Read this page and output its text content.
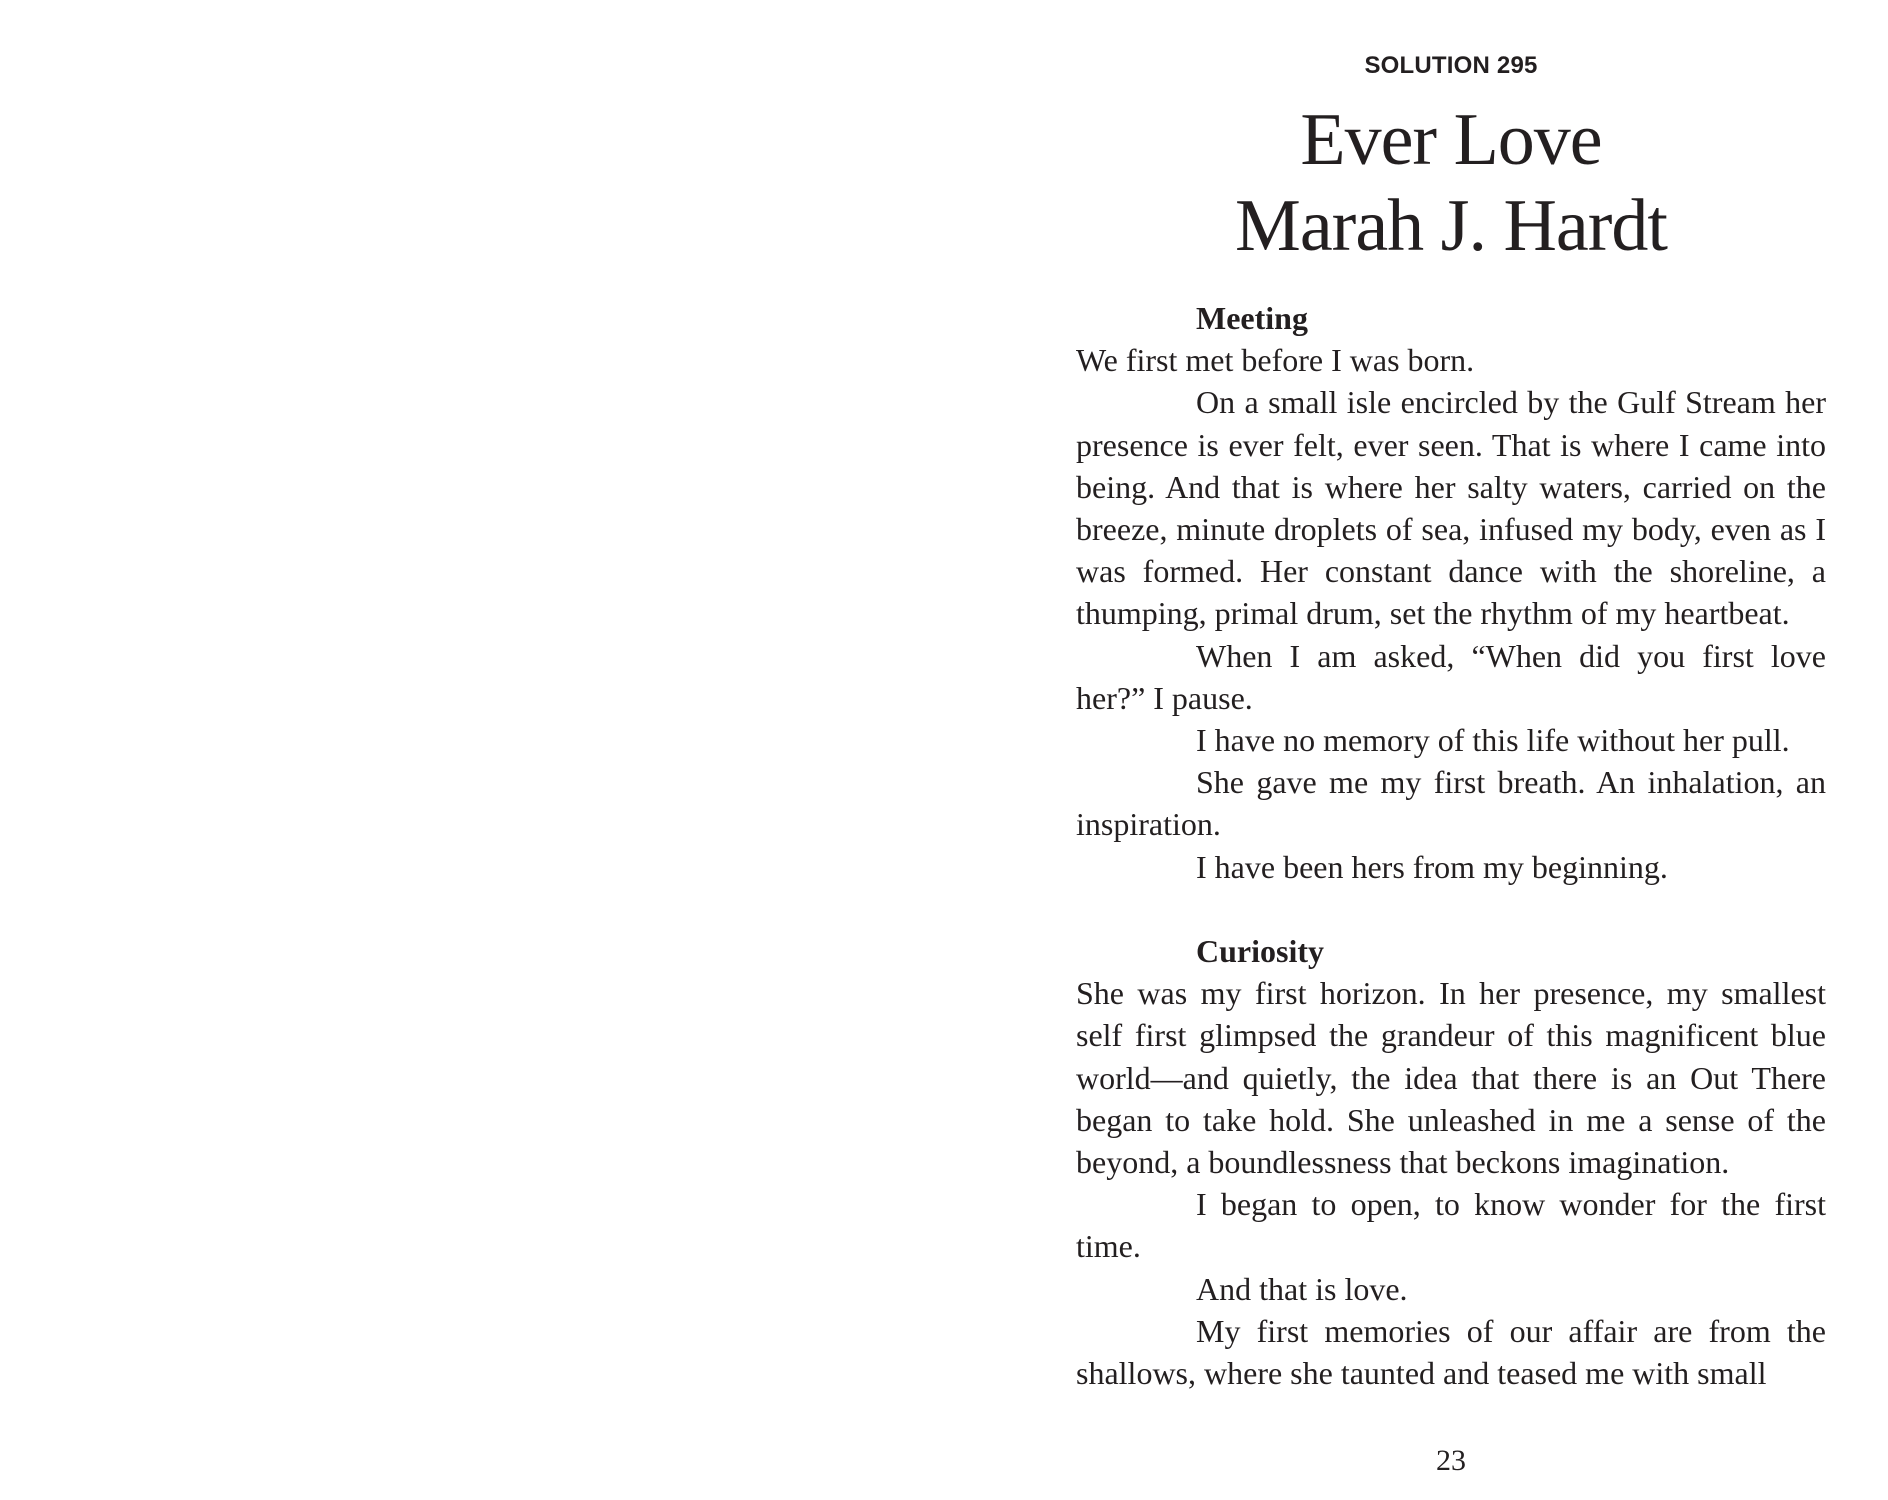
SOLUTION 295
Ever Love
Marah J. Hardt
Meeting
We first met before I was born.
On a small isle encircled by the Gulf Stream her presence is ever felt, ever seen. That is where I came into being. And that is where her salty waters, carried on the breeze, minute droplets of sea, infused my body, even as I was formed. Her constant dance with the shoreline, a thumping, primal drum, set the rhythm of my heartbeat.
When I am asked, “When did you first love her?” I pause.
I have no memory of this life without her pull.
She gave me my first breath. An inhalation, an inspiration.
I have been hers from my beginning.
Curiosity
She was my first horizon. In her presence, my smallest self first glimpsed the grandeur of this magnificent blue world—and quietly, the idea that there is an Out There began to take hold. She unleashed in me a sense of the beyond, a boundlessness that beckons imagination.
I began to open, to know wonder for the first time.
And that is love.
My first memories of our affair are from the shallows, where she taunted and teased me with small
23
